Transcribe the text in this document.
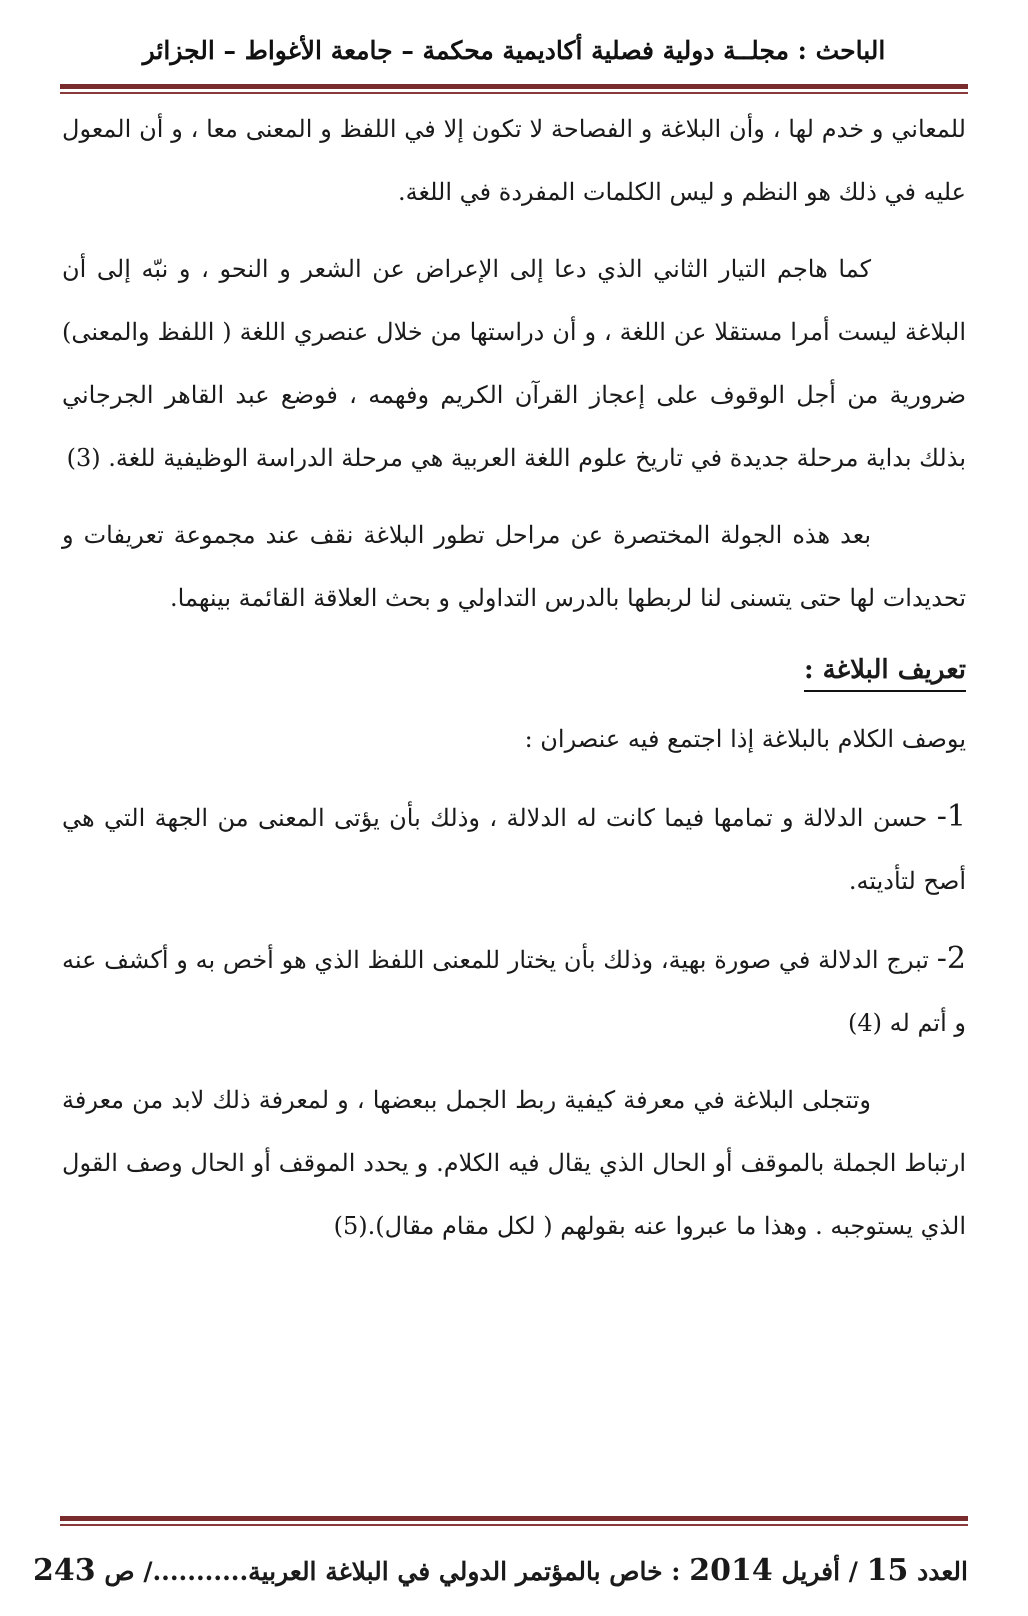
الباحث : مجلــة دولية فصلية أكاديمية محكمة – جامعة الأغواط – الجزائر

للمعاني و خدم لها ، وأن البلاغة و الفصاحة لا تكون إلا في اللفظ و المعنى معا ، و أن المعول عليه في ذلك هو النظم و ليس الكلمات المفردة في اللغة.

كما هاجم التيار الثاني الذي دعا إلى الإعراض عن الشعر و النحو ، و نبّه إلى أن البلاغة ليست أمرا مستقلا عن اللغة ، و أن دراستها من خلال عنصري اللغة ( اللفظ والمعنى) ضرورية من أجل الوقوف على إعجاز القرآن الكريم وفهمه ، فوضع عبد القاهر الجرجاني بذلك بداية مرحلة جديدة في تاريخ علوم اللغة العربية هي مرحلة الدراسة الوظيفية للغة. (3)

بعد هذه الجولة المختصرة عن مراحل تطور البلاغة نقف عند مجموعة تعريفات و تحديدات لها حتى يتسنى لنا لربطها بالدرس التداولي و بحث العلاقة القائمة بينهما.

تعريف البلاغة :

يوصف الكلام بالبلاغة إذا اجتمع فيه عنصران :

1- حسن الدلالة و تمامها فيما كانت له الدلالة ، وذلك بأن يؤتى المعنى من الجهة التي هي أصح لتأديته.

2- تبرج الدلالة في صورة بهية، وذلك بأن يختار للمعنى اللفظ الذي هو أخص به و أكشف عنه و أتم له (4)

وتتجلى البلاغة في معرفة كيفية ربط الجمل ببعضها ، و لمعرفة ذلك لابد من معرفة ارتباط الجملة بالموقف أو الحال الذي يقال فيه الكلام. و يحدد الموقف أو الحال وصف القول الذي يستوجبه . وهذا ما عبروا عنه بقولهم ( لكل مقام مقال).(5)

العدد 15 / أفريل 2014 : خاص بالمؤتمر الدولي في البلاغة العربية.........../ ص 243
